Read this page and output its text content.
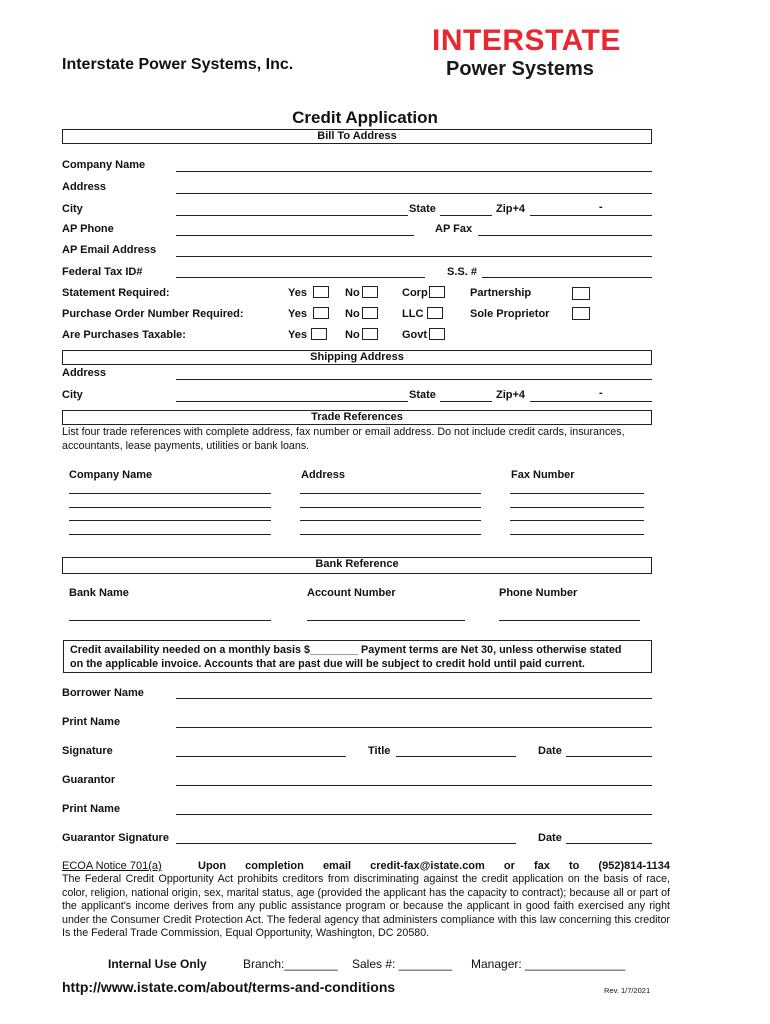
Interstate Power Systems, Inc.
INTERSTATE
Power Systems
Credit Application
Bill To Address
Company Name
Address
City	State	Zip+4	-
AP Phone	AP Fax
AP Email Address
Federal Tax ID#	S.S. #
Statement Required:	Yes	No	Corp	Partnership
Purchase Order Number Required:	Yes	No	LLC	Sole Proprietor
Are Purchases Taxable:	Yes	No	Govt
Shipping Address
Address
City	State	Zip+4	-
Trade References
List four trade references with complete address, fax number or email address. Do not include credit cards, insurances, accountants, lease payments, utilities or bank loans.
Company Name	Address	Fax Number
Bank Reference
Bank Name	Account Number	Phone Number
Credit availability needed on a monthly basis $________ Payment terms are Net 30, unless otherwise stated
on the applicable invoice. Accounts that are past due will be subject to credit hold until paid current.
Borrower Name
Print Name
Signature	Title	Date
Guarantor
Print Name
Guarantor Signature	Date
ECOA Notice 701(a)	Upon completion email credit-fax@istate.com or fax to (952)814-1134
The Federal Credit Opportunity Act prohibits creditors from discriminating against the credit application on the basis of race, color, religion, national origin, sex, marital status, age (provided the applicant has the capacity to contract); because all or part of the applicant's income derives from any public assistance program or because the applicant in good faith exercised any right under the Consumer Credit Protection Act. The federal agency that administers compliance with this law concerning this creditor Is the Federal Trade Commission, Equal Opportunity, Washington, DC 20580.
Internal Use Only	Branch:________ Sales #: ________ Manager: _______________
http://www.istate.com/about/terms-and-conditions	Rev. 1/7/2021
